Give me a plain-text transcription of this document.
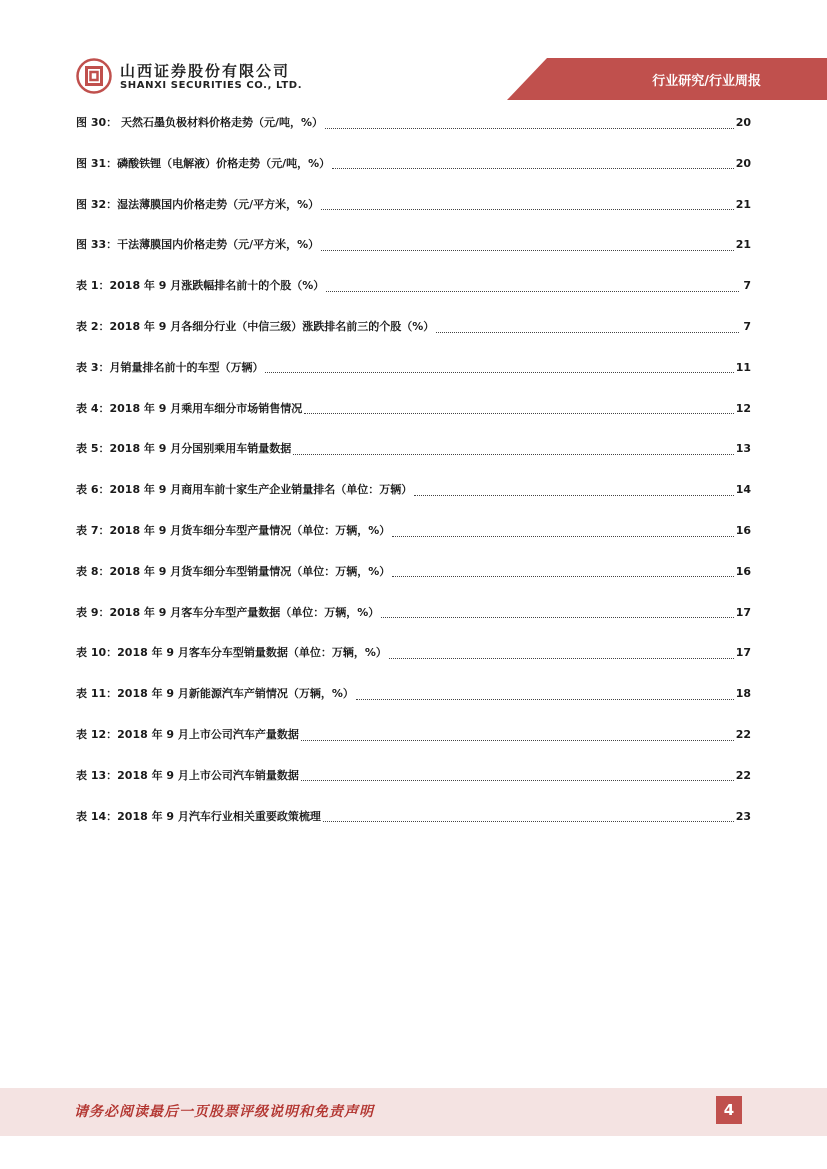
山西证券股份有限公司
SHANXI SECURITIES CO., LTD.	行业研究/行业周报
图 30： 天然石墨负极材料价格走势（元/吨，%）	20
图 31：磷酸铁锂（电解液）价格走势（元/吨，%）	20
图 32：湿法薄膜国内价格走势（元/平方米，%）	21
图 33：干法薄膜国内价格走势（元/平方米，%）	21
表 1：2018 年 9 月涨跌幅排名前十的个股（%）	7
表 2：2018 年 9 月各细分行业（中信三级）涨跌排名前三的个股（%）	7
表 3：月销量排名前十的车型（万辆）	11
表 4：2018 年 9 月乘用车细分市场销售情况	12
表 5：2018 年 9 月分国别乘用车销量数据	13
表 6：2018 年 9 月商用车前十家生产企业销量排名（单位：万辆）	14
表 7：2018 年 9 月货车细分车型产量情况（单位：万辆，%）	16
表 8：2018 年 9 月货车细分车型销量情况（单位：万辆，%）	16
表 9：2018 年 9 月客车分车型产量数据（单位：万辆，%）	17
表 10：2018 年 9 月客车分车型销量数据（单位：万辆，%）	17
表 11：2018 年 9 月新能源汽车产销情况（万辆，%）	18
表 12：2018 年 9 月上市公司汽车产量数据	22
表 13：2018 年 9 月上市公司汽车销量数据	22
表 14：2018 年 9 月汽车行业相关重要政策梳理	23
请务必阅读最后一页股票评级说明和免责声明	4
